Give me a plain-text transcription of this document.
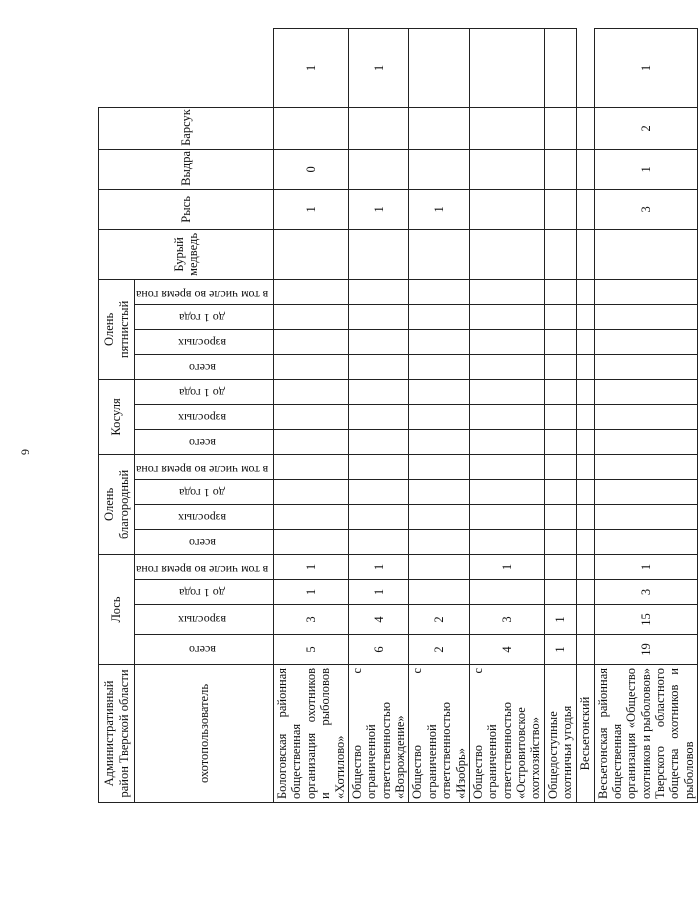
6
Административный район Тверской области	Лось				Олень благородный				Косуля			Олень пятнистый				Бурый медведь	Рысь	Выдра	Барсук	
охотопользователь	всего	взрослых	до 1 года	в том числе во время гона	всего	взрослых	до 1 года	в том числе во время гона	всего	взрослых	до 1 года	всего	взрослых	до 1 года	в том числе во время гона					
Бологовская районная общественная организация охотников и рыболовов «Хотилово»	5	3	1	1													1	0		1
Общество с ограниченной ответственностью «Возрождение»	6	4	1	1													1			1
Общество с ограниченной ответственностью «Изобрь»	2	2															1			
Общество с ограниченной ответственностью «Островитовское охотхозяйство»	4	3		1																
Общедоступные охотничьи угодья	1	1																		
Весьегонский																				
Весьегонская районная общественная организация «Общество охотников и рыболовов» Тверского областного общества охотников и рыболовов	19	15	3	1													3	1	2	1
